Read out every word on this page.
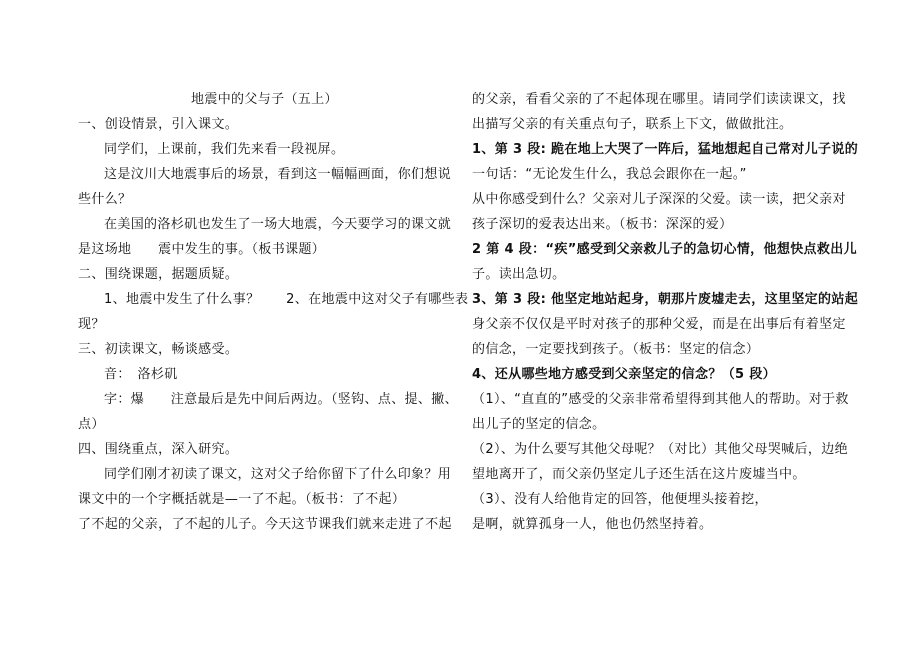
地震中的父与子（五上）
一、创设情景，引入课文。
同学们，上课前，我们先来看一段视屏。
这是汶川大地震事后的场景，看到这一幅幅画面，你们想说
些什么？
在美国的洛杉矶也发生了一场大地震，今天要学习的课文就
是这场地　　震中发生的事。（板书课题）
二、围绕课题，据题质疑。
1、地震中发生了什么事？　　2、在地震中这对父子有哪些表
现？
三、初读课文，畅谈感受。
音：　洛杉矶
字：爆　　注意最后是先中间后两边。（竖钩、点、提、撇、
点）
四、围绕重点，深入研究。
同学们刚才初读了课文，这对父子给你留下了什么印象？用
课文中的一个字概括就是—一了不起。（板书：了不起）
了不起的父亲，了不起的儿子。今天这节课我们就来走进了不起
的父亲，看看父亲的了不起体现在哪里。请同学们读读课文，找
出描写父亲的有关重点句子，联系上下文，做做批注。
1、第 3 段: 跪在地上大哭了一阵后，猛地想起自己常对儿子说的
一句话：“无论发生什么，我总会跟你在一起。”
从中你感受到什么？父亲对儿子深深的父爱。读一读，把父亲对
孩子深切的爱表达出来。（板书：深深的爱）
2 第 4 段：“疾”感受到父亲救儿子的急切心情，他想快点救出儿
子。读出急切。
3、第 3 段: 他坚定地站起身，朝那片废墟走去，这里坚定的站起
身父亲不仅仅是平时对孩子的那种父爱，而是在出事后有着坚定
的信念，一定要找到孩子。（板书：坚定的信念）
4、还从哪些地方感受到父亲坚定的信念？（5 段）
（1）、“直直的”感受的父亲非常希望得到其他人的帮助。对于救
出儿子的坚定的信念。
（2）、为什么要写其他父母呢？（对比）其他父母哭喊后，边绝
望地离开了，而父亲仍坚定儿子还生活在这片废墟当中。
（3）、没有人给他肯定的回答，他便埋头接着挖，
是啊，就算孤身一人，他也仍然坚持着。
